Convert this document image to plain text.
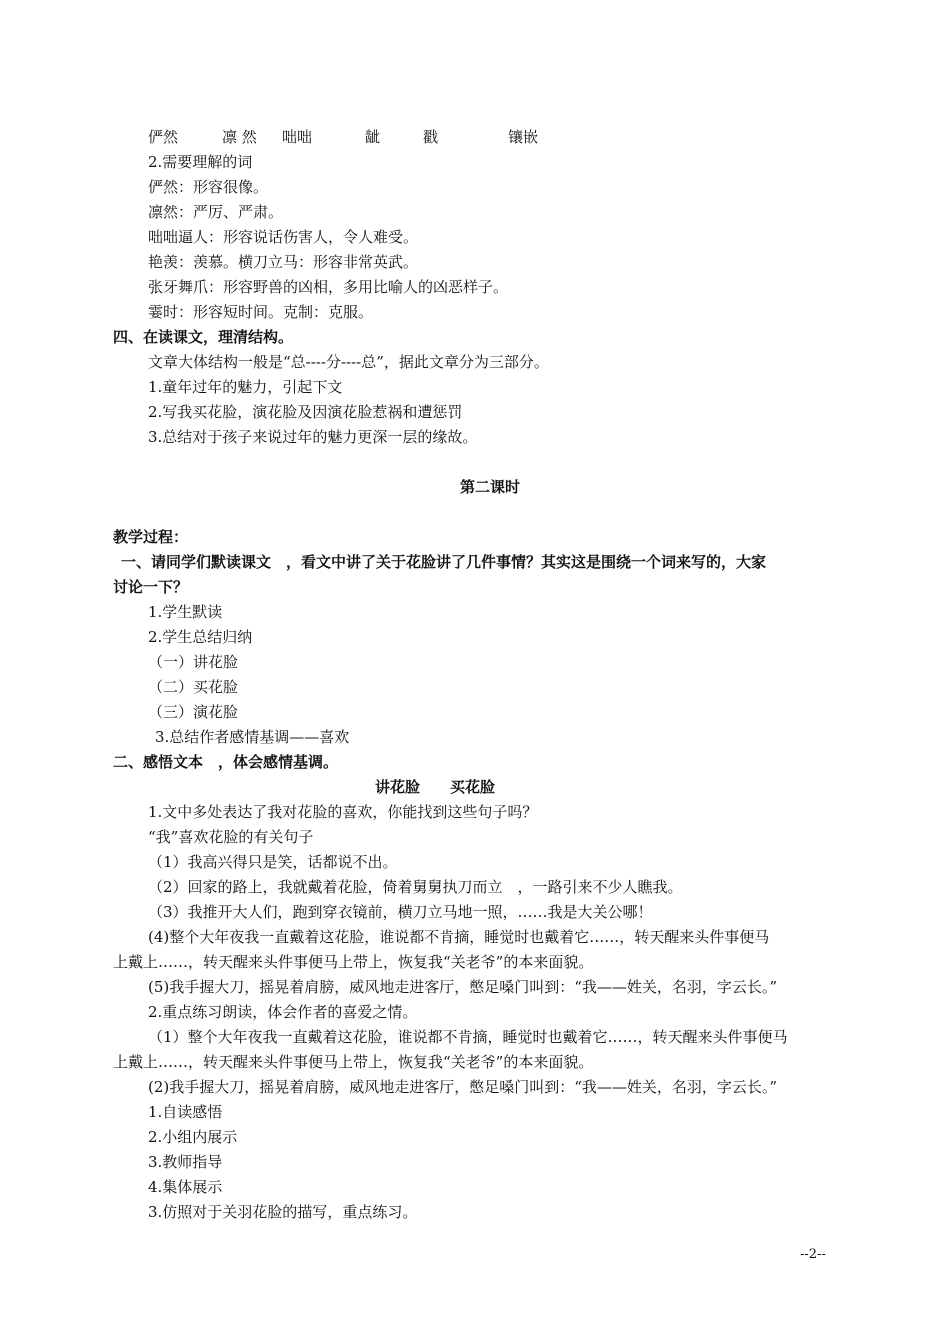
俨然	凛 然 咄咄	龇	戳	镶嵌
2.需要理解的词
俨然：形容很像。
凛然：严厉、严肃。
咄咄逼人：形容说话伤害人，令人难受。
艳羡：羡慕。横刀立马：形容非常英武。
张牙舞爪：形容野兽的凶相，多用比喻人的凶恶样子。
霎时：形容短时间。克制：克服。
四、在读课文，理清结构。
文章大体结构一般是“总----分----总”，据此文章分为三部分。
1.童年过年的魅力，引起下文
2.写我买花脸，演花脸及因演花脸惹祸和遭惩罚
3.总结对于孩子来说过年的魅力更深一层的缘故。
第二课时
教学过程：
一、请同学们默读课文　，看文中讲了关于花脸讲了几件事情？其实这是围绕一个词来写的，大家
讨论一下？
1.学生默读
2.学生总结归纳
（一）讲花脸
（二）买花脸
（三）演花脸
3.总结作者感情基调——喜欢
二、感悟文本　，体会感情基调。
讲花脸　　买花脸
1.文中多处表达了我对花脸的喜欢，你能找到这些句子吗？
“我”喜欢花脸的有关句子
（1）我高兴得只是笑，话都说不出。
（2）回家的路上，我就戴着花脸，倚着舅舅执刀而立　，一路引来不少人瞧我。
（3）我推开大人们，跑到穿衣镜前，横刀立马地一照，……我是大关公哪！
(4)整个大年夜我一直戴着这花脸，谁说都不肯摘，睡觉时也戴着它……，转天醒来头件事便马
上戴上……，转天醒来头件事便马上带上，恢复我“关老爷”的本来面貌。
(5)我手握大刀，摇晃着肩膀，威风地走进客厅，憋足嗓门叫到：“我——姓关，名羽，字云长。”
2.重点练习朗读，体会作者的喜爱之情。
（1）整个大年夜我一直戴着这花脸，谁说都不肯摘，睡觉时也戴着它……，转天醒来头件事便马
上戴上……，转天醒来头件事便马上带上，恢复我“关老爷”的本来面貌。
(2)我手握大刀，摇晃着肩膀，威风地走进客厅，憋足嗓门叫到：“我——姓关，名羽，字云长。”
1.自读感悟
2.小组内展示
3.教师指导
4.集体展示
3.仿照对于关羽花脸的描写，重点练习。
--2--
